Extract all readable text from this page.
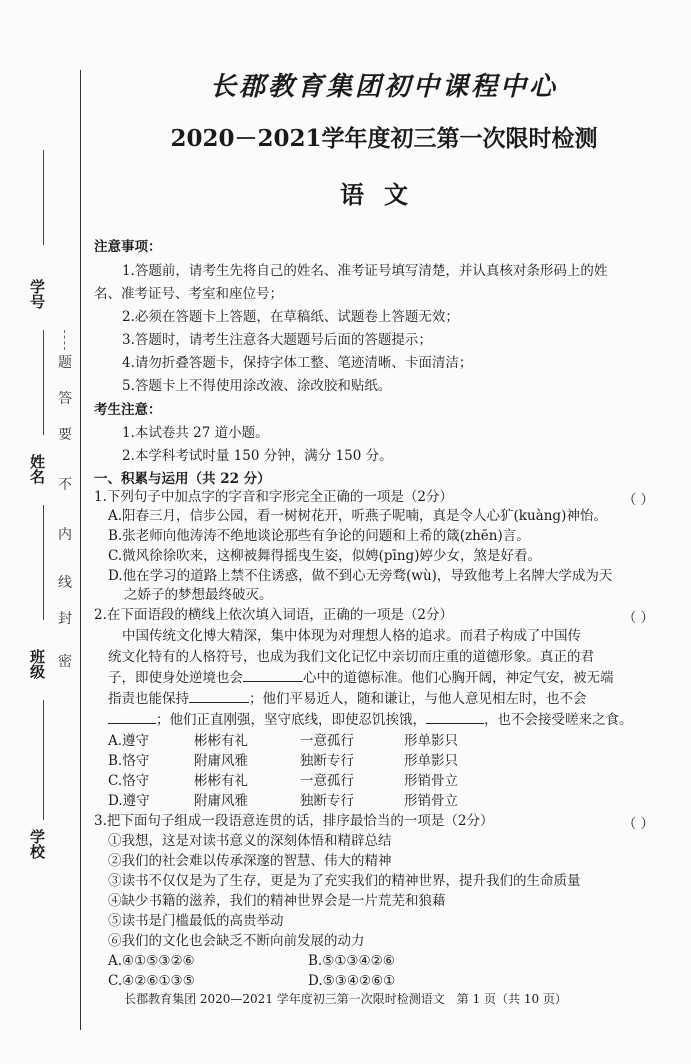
学号
姓名
班级
学校
不
要
答
题
内
线
封
密
长郡教育集团初中课程中心
2020－2021学年度初三第一次限时检测
语文
注意事项：
1.答题前，请考生先将自己的姓名、准考证号填写清楚，并认真核对条形码上的姓
名、准考证号、考室和座位号；
2.必须在答题卡上答题，在草稿纸、试题卷上答题无效；
3.答题时，请考生注意各大题题号后面的答题提示；
4.请勿折叠答题卡，保持字体工整、笔迹清晰、卡面清洁；
5.答题卡上不得使用涂改液、涂改胶和贴纸。
考生注意：
1.本试卷共 27 道小题。
2.本学科考试时量 150 分钟，满分 150 分。
一、积累与运用（共 22 分）
1.下列句子中加点字的字音和字形完全正确的一项是（2分）	（ ）
A.阳春三月，信步公园，看一树树花开，听燕子呢喃，真是令人心犷(kuàng)神怡。
B.张老师向他涛涛不绝地谈论那些有争论的问题和上希的箴(zhēn)言。
C.微风徐徐吹来，这柳被舞得摇曳生姿，似娉(pīng)婷少女，煞是好看。
D.他在学习的道路上禁不住诱惑，做不到心无旁骛(wù)，导致他考上名牌大学成为天
之娇子的梦想最终破灭。
2.在下面语段的横线上依次填入词语，正确的一项是（2分）	（ ）
中国传统文化博大精深，集中体现为对理想人格的追求。而君子构成了中国传
统文化特有的人格符号，也成为我们文化记忆中亲切而庄重的道德形象。真正的君
子，即使身处逆境也会	心中的道德标准。他们心胸开阔，神定气安，被无端
指责也能保持	；他们平易近人，随和谦让，与他人意见相左时，也不会
；他们正直刚强，坚守底线，即使忍饥挨饿，	，也不会接受嗟来之食。
A.遵守	彬彬有礼	一意孤行	形单影只
B.恪守	附庸风雅	独断专行	形单影只
C.恪守	彬彬有礼	一意孤行	形销骨立
D.遵守	附庸风雅	独断专行	形销骨立
3.把下面句子组成一段语意连贯的话，排序最恰当的一项是（2分）	（ ）
①我想，这是对读书意义的深刻体悟和精辟总结
②我们的社会难以传承深邃的智慧、伟大的精神
③读书不仅仅是为了生存，更是为了充实我们的精神世界，提升我们的生命质量
④缺少书籍的滋养，我们的精神世界会是一片荒芜和狼藉
⑤读书是门槛最低的高贵举动
⑥我们的文化也会缺乏不断向前发展的动力
A.④①⑤③②⑥	B.⑤①③④②⑥
C.④②⑥①③⑤	D.⑤③④②⑥①
长郡教育集团 2020—2021 学年度初三第一次限时检测语文　第 1 页（共 10 页）
